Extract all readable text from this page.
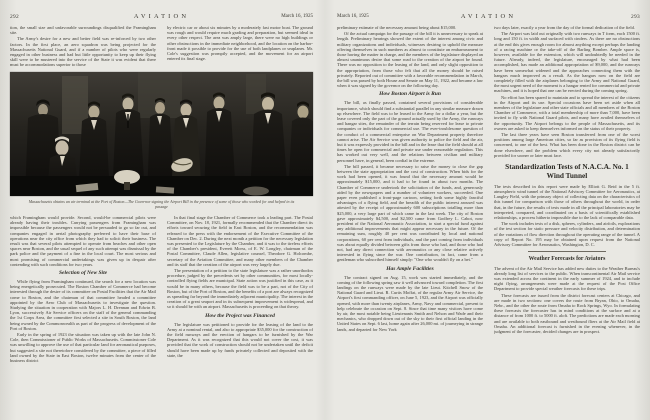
292	AVIATION	March 16, 1925

tion, the small size and unfavorable surroundings disqualified the Framingham site.

The Army's desire for a new and better field was re-inforced by two other factors. In the first place, an aero squadron was being projected for the Massachusetts National Guard, and if a number of pilots who were regularly engaged in other business and had but little opportunity to keep up their flying skill were to be mustered into the service of the State it was evident that there must be accommodations superior to those

by electric car or about six minutes by a moderately fast motor boat. The ground was rough and would require much grading and preparation, but seemed ideal in every other respect. The area was amply large, there were no high buildings or other obstructions in the immediate neighborhood, and the location on the harbor-front made it possible to provide for the use of both landplanes or seaplanes. Mr. Cole's suggestion was promptly accepted, and the movement for an airport entered its final stage.

Massachusetts obtains an air terminal at the Port of Boston—The Governor signing the Airport Bill in the presence of some of those who worked for and helped in its passage

which Framingham would provide. Second, would-be commercial pilots were already having their troubles. Carrying passengers from Framingham was impossible because the passengers would not be persuaded to go so far out, and companies engaged in aerial photography preferred to have their base of operations near the city office from which they had to solicit their business. The result was that several pilots attempted to operate from beaches and other open spaces near Boston, and the usual sequel of any such attempt was dismissal by the park police and the payment of a fine in the local court. The most serious and most promising of commercial undertakings was given up in despair after contending with such conditions for two years.

Selection of New Site

While flying from Framingham continued, the search for a new location was being energetically prosecuted. The Boston Chamber of Commerce had become interested through the desire of its committee on Postal Facilities that the Air Mail come to Boston, and the chairman of that committee headed a committee appointed by the Aero Club of Massachusetts to investigate the question. Studying the situation in cooperation with Majors L. H. Drennan and Edwin B. Lyon, successively Air Service officers on the staff of the general commanding the 1st Corps Area, the committee first selected a site in South Boston, the land being owned by the Commonwealth as part of the progress of development of the Port of Boston.

Early in the spring of 1923 the situation was taken up with the late John N. Cole, then Commissioner of Public Works of Massachusetts. Commissioner Cole was unwilling to approve the use of that particular land for aeronautical purposes, but suggested a site not theretofore considered by the committee, a piece of filled land owned by the State in East Boston, twelve minutes from the center of the business district

In that final stage the Chamber of Commerce took a leading part. The Postal Committee, on Nov. 18, 1921, formally recommended that the Chamber direct its efforts toward securing the field in East Boston, and the recommendation was released to the press with the endorsement of the Executive Committee of the Chamber on Dec. 2. During the next month a petition for the necessary legislation was presented to the Legislature by the Chamber, and it was to the tireless efforts of the Chamber's president, Everett Morss, of E. W. Longley, chairman of the Postal Committee, Claude Allen, legislative counsel, Theodore G. Holcombe, secretary of the Aviation Committee, and many other members of the Chamber and its staff that the creation of the airport was very largely due.

The presentation of a petition to the state legislature was a rather unorthodox procedure, judged by the precedents set by other communities, for most locally-controlled flying fields are municipal. State action was justified in this case, as it would be in many others, because the field was to be a part, not of the City of Boston, but of the Port of Boston, and the benefits of a port are always recognized as spreading far beyond the immediately adjacent municipality. The interest in the creation of a great seaport and in its subsequent improvement is widespread, and so it should be with an airport. Massachusetts is proceeding on that theory.

How the Project was Financed

The legislature was petitioned to provide for the leasing of the land to the Army at a nominal rental, and also to appropriate $35,000 for the construction of the field runways and the erection of hangars to be furnished by the War Department. As it was recognized that this would not cover the cost, it was provided that the work of construction should not be undertaken until the deficit should have been made up by funds privately collected and deposited with the state, the

March 16, 1925	AVIATION	293

preliminary estimate of the necessary amount being about $15,000.

Of the actual campaign for the passage of the bill it is unnecessary to speak at length. Preliminary hearings showed the extent of the interest among civic and military organizations and individuals, witnesses desiring to uphold the measure offering themselves in such numbers as almost to constitute an embarrassment to those having the matter in charge, and the members of the legislature displayed an almost unanimous desire that some road to the creation of the airport be found. There was no opposition to the leasing of the land, and only slight opposition to the appropriation, from those who felt that all the money should be raised privately. Reported out of committee with a favorable recommendation in March, the bill was passed by both House and Senate on May 11, 1922, and became a law when it was signed by the governor on the following day.

How Boston Airport is Run

The bill, as finally passed, contained several provisions of considerable importance, which should find a substantial parallel in any similar measure drawn up elsewhere. The field was to be leased to the Army for a dollar a year, but the lease covered only the part of the ground actually used by the Army, the runways and hangar sites, the remainder of the terrain being reserved for lease to private companies or individuals for commercial use. The ever-troublesome question of the conduct of a commercial enterprise on War Department property therefore cannot arise. The Air Service was given authority to police the field and the air, but it was expressly provided in the bill and in the lease that the field should at all times be open for commercial and private use under reasonable regulation. This has worked out very well, and the relations between civilian and military personnel have, in general, been cordial in the extreme.

The bill passed, it became necessary to raise the money to close the gap between the state appropriation and the cost of construction. When bids for the work had been opened, it was found that the necessary amount would be approximately $15,000, and it had to be found in about two months. The Chamber of Commerce undertook the solicitation of the funds, and, generously aided by the newspapers and a number of volunteer workers, succeeded. One paper even published a front-page cartoon, setting forth some highly fanciful advantages of a flying field, and the breadth of the public interest aroused was attested by the receipt of approximately 600 subscriptions totalling more than $25,000, a very large part of which came in the last week. The city of Boston gave approximately $4,500, and $2,500 came from Godfrey L. Cabot, now president of the National Aeronautic Association, to start a special fund against any additional improvements that might appear necessary in the future. Of the remaining sum, roughly 40 per cent was contributed by local and national corporations, 60 per cent from individuals, and the part coming from individuals was about equally divided between gifts from those who had, and those who had not, had any direct connection with aeronautics or any close relative actively interested in flying since the war. One contribution, in fact, came from a gentleman who subscribed himself simply: "One who wouldn't fly on a bet."

Has Ample Facilities

The contract signed on Aug. 15, work was started immediately, and the coming of the following spring saw it well advanced toward completion. The first landings on the runways were made by the late Lieut. Kitchell Snow of the National Guard and Lieut. R. Curtis Moffat, of the regular Army Air Service, the Airport's first commanding officer, on June 5, 1923, and the Airport was officially opened, with more than twenty airplanes, Army, Navy and commercial, present to help celebrate the occasion on Sept. 8. Since that time many visitors have come by air, the most notable being Lieutenants Smith and Nelson and Wade and their mechanics, who dropped down out of the sky to their first official landing in the United States on Sept. 6 last, home again after 26,000 mi. of journeying in strange lands, and departed for New York

two days later, exactly a year from the day of the formal dedication of the field.

The Airport was laid out originally with two runways in T form, each 1500 ft. long and 150 ft. in width and surfaced with cinders. As there are no obstructions at the end this gives enough room for almost anything except perhaps the landing of a racing machine or the take-off of the Barling Bomber. Ample space is, however, available for the extension, which will undoubtedly be needed in the future. Already, indeed, the legislature, encouraged by what had been accomplished, has made an additional appropriation of $9,000, and the runways have been somewhat widened and the approaches connecting them with the hangars much improved as a result. As the hangars now on the field are completely filled with the airplanes belonging to the Army and National Guard, the most urgent need of the moment is a hangar rented for commercial and private machines, and it is hoped that one can be erected during the coming spring.

No effort has been spared to maintain and to spread the interest of the citizens in the Airport and its use. Special occasions have been set aside when all members of the legislature and other state officials and all members of the Boston Chamber of Commerce, with a total membership of more than 7,000, have been invited to fly with National Guard pilots, and many have availed themselves of the opportunity. The Airport belongs to the people of Massachusetts, and its owners are asked to keep themselves informed on the status of their property.

The last three years have seen Boston transferred from one of the worst positions among large American cities, so far as provision of its flying field is concerned, to one of the best. What has been done in the Boston district can be done elsewhere, and the problem which every city not already satisfactorily provided for sooner or later must face.

Standardization Tests of N.A.C.A. No. 1 Wind Tunnel

The tests described in this report were made by Elliott G. Reid in the 5 ft. atmospheric wind tunnel of the National Advisory Committee for Aeronautics, at Langley Field, with the primary object of collecting data on the characteristics of this tunnel for comparison with those of others throughout the world, in order that, in the future, the results of tests made in all the principal laboratories may be interpreted, compared, and coordinated on a basis of scientifically established relationships, a process hitherto impossible due to the lack of comparable data.

The work includes tests of a disk, spheres, cylinders, and airfoils, explorations of the test section for static pressure and velocity distribution, and determination of the variations of flow direction throughout the operating range of the tunnel. A copy of Report No. 195 may be obtained upon request from the National Advisory Committee for Aeronautics, Washington, D. C.

Weather Forecasts for Aviators

The advent of the Air Mail Service has added new duties to the Weather Bureau's already long list of services to the public. When transcontinental Air Mail service was extended across the continent in the early summer of 1924, and to include night flying, arrangements were made at the request of the Post Office Department to provide special weather forecasts for these trips.

These forecasts are issued from the district forecast centers at Chicago, and are made in two sections: one covers the route from Bryan, Ohio, to Omaha, Nebr., and the other the route from Omaha to Rock Springs, Wyo. In formulating these forecasts the forecaster has in mind conditions at the surface and at a distance of from 1000 ft. to 5000 ft. aloft. The predictions are made each morning and are available to both eastbound and westbound fliers at the Air Mail field at Omaha. An additional forecast is furnished in the evening whenever, in the judgment of the forecaster, decided changes are in prospect.
